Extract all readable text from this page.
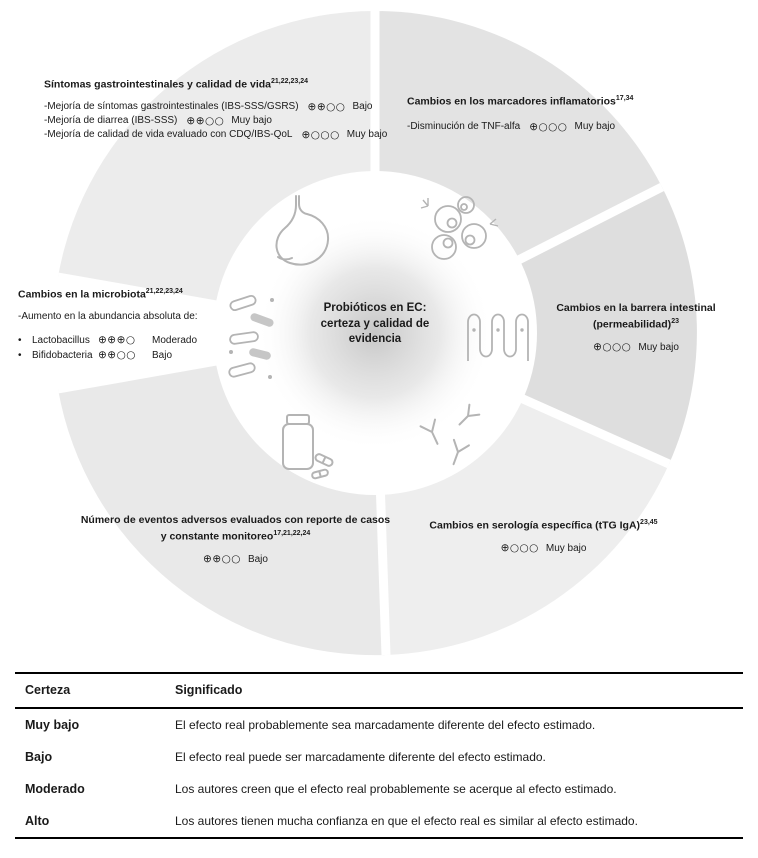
Probióticos en EC:
certeza y calidad de
evidencia
Síntomas gastrointestinales y calidad de vida$^{21,22,23,24}$
-Mejoría de síntomas gastrointestinales (IBS-SSS/GSRS) ⊕⊕○○ Bajo
-Mejoría de diarrea (IBS-SSS) ⊕⊕○○ Muy bajo
-Mejoría de calidad de vida evaluado con CDQ/IBS-QoL ⊕○○○ Muy bajo
Cambios en los marcadores inflamatorios$^{17,34}$
-Disminución de TNF-alfa ⊕○○○ Muy bajo
Cambios en la barrera intestinal
(permeabilidad)$^{23}$
⊕○○○ Muy bajo
Cambios en la microbiota$^{21,22,23,24}$
-Aumento en la abundancia absoluta de:
•	Lactobacillus ⊕⊕⊕○	Moderado
•	Bifidobacteria ⊕⊕○○	Bajo
Número de eventos adversos evaluados con reporte de casos
y constante monitoreo$^{17,21,22,24}$
⊕⊕○○ Bajo
Cambios en serología específica (tTG IgA)$^{23,45}$
⊕○○○ Muy bajo
Certeza	Significado
Muy bajo	El efecto real probablemente sea marcadamente diferente del efecto estimado.
Bajo	El efecto real puede ser marcadamente diferente del efecto estimado.
Moderado	Los autores creen que el efecto real probablemente se acerque al efecto estimado.
Alto	Los autores tienen mucha confianza en que el efecto real es similar al efecto estimado.
